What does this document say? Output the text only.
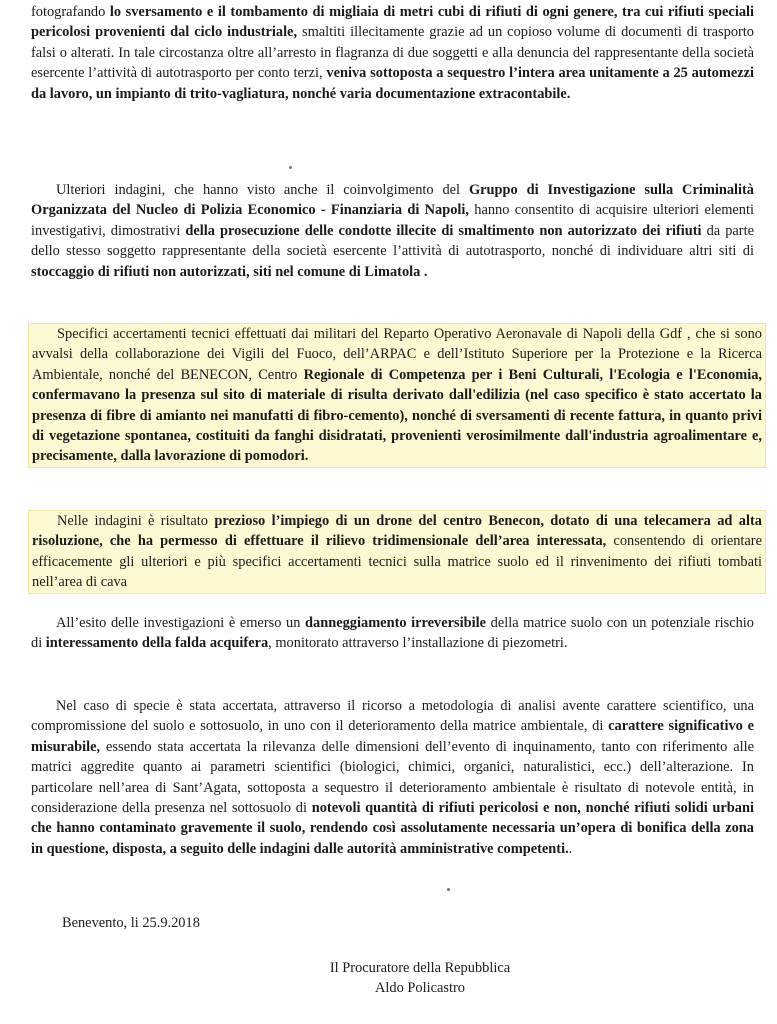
fotografando lo sversamento e il tombamento di migliaia di metri cubi di rifiuti di ogni genere, tra cui rifiuti speciali pericolosi provenienti dal ciclo industriale, smaltiti illecitamente grazie ad un copioso volume di documenti di trasporto falsi o alterati. In tale circostanza oltre all’arresto in flagranza di due soggetti e alla denuncia del rappresentante della società esercente l’attività di autotrasporto per conto terzi, veniva sottoposta a sequestro l’intera area unitamente a 25 automezzi da lavoro, un impianto di trito-vagliatura, nonché varia documentazione extracontabile.

Ulteriori indagini, che hanno visto anche il coinvolgimento del Gruppo di Investigazione sulla Criminalità Organizzata del Nucleo di Polizia Economico - Finanziaria di Napoli, hanno consentito di acquisire ulteriori elementi investigativi, dimostrativi della prosecuzione delle condotte illecite di smaltimento non autorizzato dei rifiuti da parte dello stesso soggetto rappresentante della società esercente l’attività di autotrasporto, nonché di individuare altri siti di stoccaggio di rifiuti non autorizzati, siti nel comune di Limatola .

Specifici accertamenti tecnici effettuati dai militari del Reparto Operativo Aeronavale di Napoli della Gdf , che si sono avvalsi della collaborazione dei Vigili del Fuoco, dell’ARPAC e dell’Istituto Superiore per la Protezione e la Ricerca Ambientale, nonché del BENECON, Centro Regionale di Competenza per i Beni Culturali, l'Ecologia e l'Economia, confermavano la presenza sul sito di materiale di risulta derivato dall'edilizia (nel caso specifico è stato accertato la presenza di fibre di amianto nei manufatti di fibro-cemento), nonché di sversamenti di recente fattura, in quanto privi di vegetazione spontanea, costituiti da fanghi disidratati, provenienti verosimilmente dall'industria agroalimentare e, precisamente, dalla lavorazione di pomodori.
Nelle indagini è risultato prezioso l’impiego di un drone del centro Benecon, dotato di una telecamera ad alta risoluzione, che ha permesso di effettuare il rilievo tridimensionale dell’area interessata, consentendo di orientare efficacemente gli ulteriori e più specifici accertamenti tecnici sulla matrice suolo ed il rinvenimento dei rifiuti tombati nell’area di cava

All’esito delle investigazioni è emerso un danneggiamento irreversibile della matrice suolo con un potenziale rischio di interessamento della falda acquifera, monitorato attraverso l’installazione di piezometri.

Nel caso di specie è stata accertata, attraverso il ricorso a metodologia di analisi avente carattere scientifico, una compromissione del suolo e sottosuolo, in uno con il deterioramento della matrice ambientale, di carattere significativo e misurabile, essendo stata accertata la rilevanza delle dimensioni dell’evento di inquinamento, tanto con riferimento alle matrici aggredite quanto ai parametri scientifici (biologici, chimici, organici, naturalistici, ecc.) dell’alterazione. In particolare nell’area di Sant’Agata, sottoposta a sequestro il deterioramento ambientale è risultato di notevole entità, in considerazione della presenza nel sottosuolo di notevoli quantità di rifiuti pericolosi e non, nonché rifiuti solidi urbani che hanno contaminato gravemente il suolo, rendendo così assolutamente necessaria un’opera di bonifica della zona in questione, disposta, a seguito delle indagini dalle autorità amministrative competenti..

Benevento, li 25.9.2018
Il Procuratore della Repubblica
Aldo Policastro
